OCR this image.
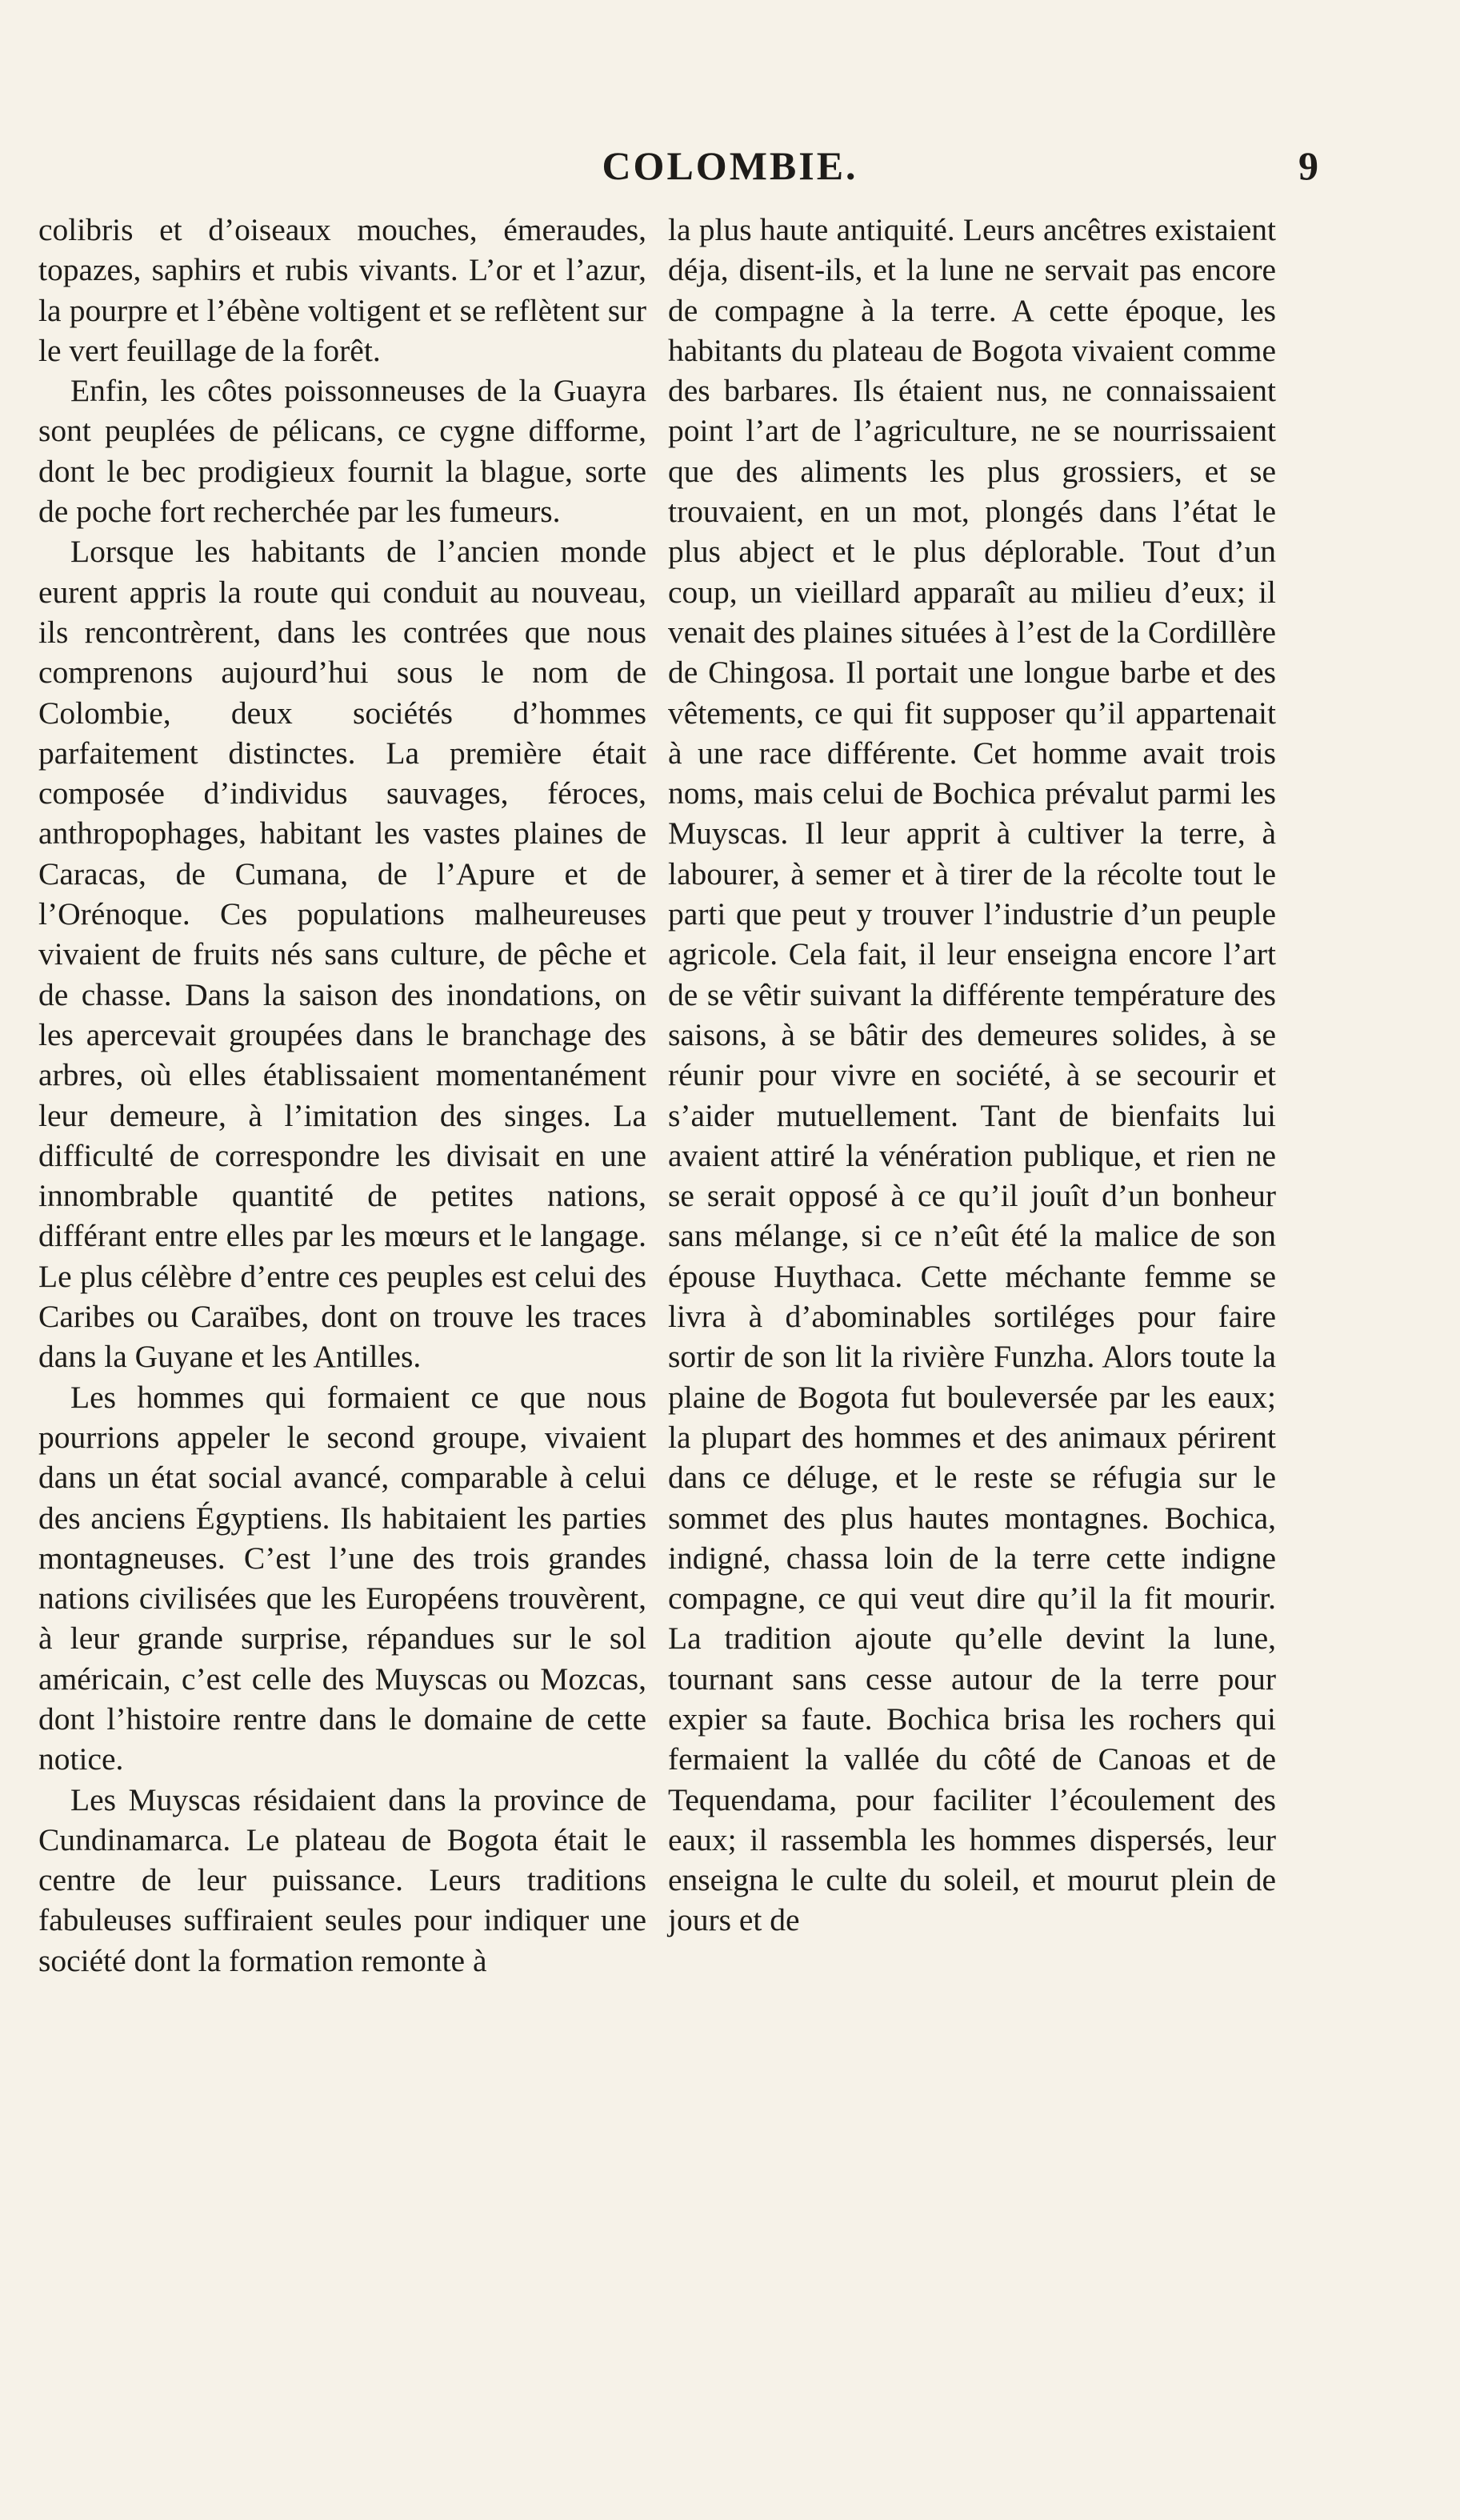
COLOMBIE.	9

colibris et d’oiseaux mouches, émeraudes, topazes, saphirs et rubis vivants. L’or et l’azur, la pourpre et l’ébène voltigent et se reflètent sur le vert feuillage de la forêt.

Enfin, les côtes poissonneuses de la Guayra sont peuplées de pélicans, ce cygne difforme, dont le bec prodigieux fournit la blague, sorte de poche fort recherchée par les fumeurs.

Lorsque les habitants de l’ancien monde eurent appris la route qui conduit au nouveau, ils rencontrèrent, dans les contrées que nous comprenons aujourd’hui sous le nom de Colombie, deux sociétés d’hommes parfaitement distinctes. La première était composée d’individus sauvages, féroces, anthropophages, habitant les vastes plaines de Caracas, de Cumana, de l’Apure et de l’Orénoque. Ces populations malheureuses vivaient de fruits nés sans culture, de pêche et de chasse. Dans la saison des inondations, on les apercevait groupées dans le branchage des arbres, où elles établissaient momentanément leur demeure, à l’imitation des singes. La difficulté de correspondre les divisait en une innombrable quantité de petites nations, différant entre elles par les mœurs et le langage. Le plus célèbre d’entre ces peuples est celui des Caribes ou Caraïbes, dont on trouve les traces dans la Guyane et les Antilles.

Les hommes qui formaient ce que nous pourrions appeler le second groupe, vivaient dans un état social avancé, comparable à celui des anciens Égyptiens. Ils habitaient les parties montagneuses. C’est l’une des trois grandes nations civilisées que les Européens trouvèrent, à leur grande surprise, répandues sur le sol américain, c’est celle des Muyscas ou Mozcas, dont l’histoire rentre dans le domaine de cette notice.

Les Muyscas résidaient dans la province de Cundinamarca. Le plateau de Bogota était le centre de leur puissance. Leurs traditions fabuleuses suffiraient seules pour indiquer une société dont la formation remonte à

la plus haute antiquité. Leurs ancêtres existaient déja, disent-ils, et la lune ne servait pas encore de compagne à la terre. A cette époque, les habitants du plateau de Bogota vivaient comme des barbares. Ils étaient nus, ne connaissaient point l’art de l’agriculture, ne se nourrissaient que des aliments les plus grossiers, et se trouvaient, en un mot, plongés dans l’état le plus abject et le plus déplorable. Tout d’un coup, un vieillard apparaît au milieu d’eux; il venait des plaines situées à l’est de la Cordillère de Chingosa. Il portait une longue barbe et des vêtements, ce qui fit supposer qu’il appartenait à une race différente. Cet homme avait trois noms, mais celui de Bochica prévalut parmi les Muyscas. Il leur apprit à cultiver la terre, à labourer, à semer et à tirer de la récolte tout le parti que peut y trouver l’industrie d’un peuple agricole. Cela fait, il leur enseigna encore l’art de se vêtir suivant la différente température des saisons, à se bâtir des demeures solides, à se réunir pour vivre en société, à se secourir et s’aider mutuellement. Tant de bienfaits lui avaient attiré la vénération publique, et rien ne se serait opposé à ce qu’il jouît d’un bonheur sans mélange, si ce n’eût été la malice de son épouse Huythaca. Cette méchante femme se livra à d’abominables sortiléges pour faire sortir de son lit la rivière Funzha. Alors toute la plaine de Bogota fut bouleversée par les eaux; la plupart des hommes et des animaux périrent dans ce déluge, et le reste se réfugia sur le sommet des plus hautes montagnes. Bochica, indigné, chassa loin de la terre cette indigne compagne, ce qui veut dire qu’il la fit mourir. La tradition ajoute qu’elle devint la lune, tournant sans cesse autour de la terre pour expier sa faute. Bochica brisa les rochers qui fermaient la vallée du côté de Canoas et de Tequendama, pour faciliter l’écoulement des eaux; il rassembla les hommes dispersés, leur enseigna le culte du soleil, et mourut plein de jours et de
